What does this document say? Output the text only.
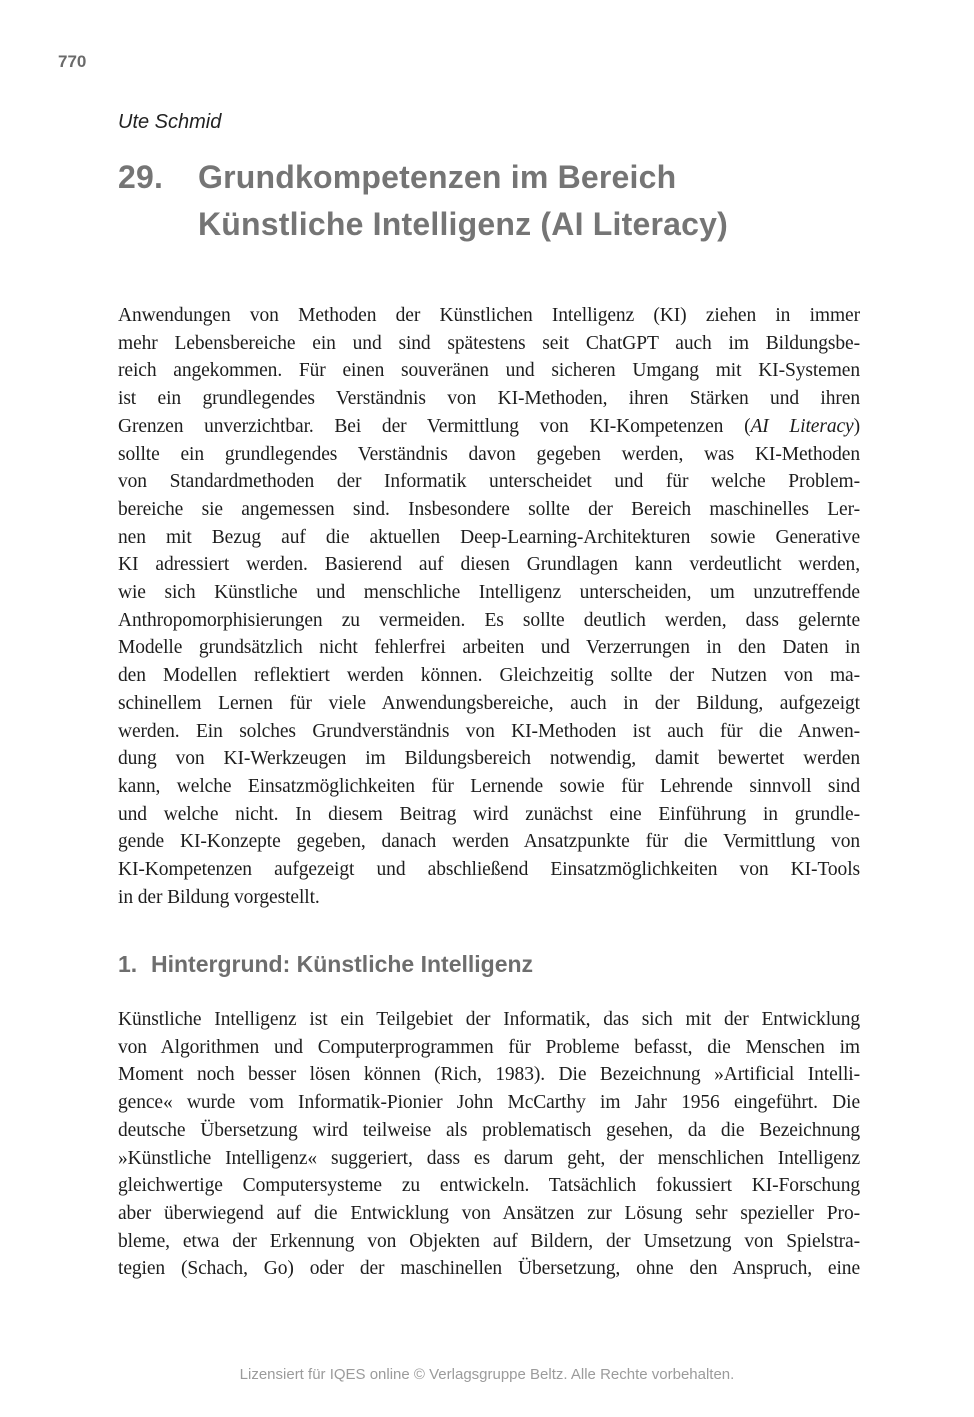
770
Ute Schmid
29.	Grundkompetenzen im Bereich
Künstliche Intelligenz (AI Literacy)
Anwendungen von Methoden der Künstlichen Intelligenz (KI) ziehen in immer
mehr Lebensbereiche ein und sind spätestens seit ChatGPT auch im Bildungsbe-
reich angekommen. Für einen souveränen und sicheren Umgang mit KI-Systemen
ist ein grundlegendes Verständnis von KI-Methoden, ihren Stärken und ihren
Grenzen unverzichtbar. Bei der Vermittlung von KI-Kompetenzen (AI Literacy)
sollte ein grundlegendes Verständnis davon gegeben werden, was KI-Methoden
von Standardmethoden der Informatik unterscheidet und für welche Problem-
bereiche sie angemessen sind. Insbesondere sollte der Bereich maschinelles Ler-
nen mit Bezug auf die aktuellen Deep-Learning-Architekturen sowie Generative
KI adressiert werden. Basierend auf diesen Grundlagen kann verdeutlicht werden,
wie sich Künstliche und menschliche Intelligenz unterscheiden, um unzutreffende
Anthropomorphisierungen zu vermeiden. Es sollte deutlich werden, dass gelernte
Modelle grundsätzlich nicht fehlerfrei arbeiten und Verzerrungen in den Daten in
den Modellen reflektiert werden können. Gleichzeitig sollte der Nutzen von ma-
schinellem Lernen für viele Anwendungsbereiche, auch in der Bildung, aufgezeigt
werden. Ein solches Grundverständnis von KI-Methoden ist auch für die Anwen-
dung von KI-Werkzeugen im Bildungsbereich notwendig, damit bewertet werden
kann, welche Einsatzmöglichkeiten für Lernende sowie für Lehrende sinnvoll sind
und welche nicht. In diesem Beitrag wird zunächst eine Einführung in grundle-
gende KI-Konzepte gegeben, danach werden Ansatzpunkte für die Vermittlung von
KI-Kompetenzen aufgezeigt und abschließend Einsatzmöglichkeiten von KI-Tools
in der Bildung vorgestellt.
1. Hintergrund: Künstliche Intelligenz
Künstliche Intelligenz ist ein Teilgebiet der Informatik, das sich mit der Entwicklung
von Algorithmen und Computerprogrammen für Probleme befasst, die Menschen im
Moment noch besser lösen können (Rich, 1983). Die Bezeichnung »Artificial Intelli-
gence« wurde vom Informatik-Pionier John McCarthy im Jahr 1956 eingeführt. Die
deutsche Übersetzung wird teilweise als problematisch gesehen, da die Bezeichnung
»Künstliche Intelligenz« suggeriert, dass es darum geht, der menschlichen Intelligenz
gleichwertige Computersysteme zu entwickeln. Tatsächlich fokussiert KI-Forschung
aber überwiegend auf die Entwicklung von Ansätzen zur Lösung sehr spezieller Pro-
bleme, etwa der Erkennung von Objekten auf Bildern, der Umsetzung von Spielstra-
tegien (Schach, Go) oder der maschinellen Übersetzung, ohne den Anspruch, eine
Lizensiert für IQES online © Verlagsgruppe Beltz. Alle Rechte vorbehalten.
